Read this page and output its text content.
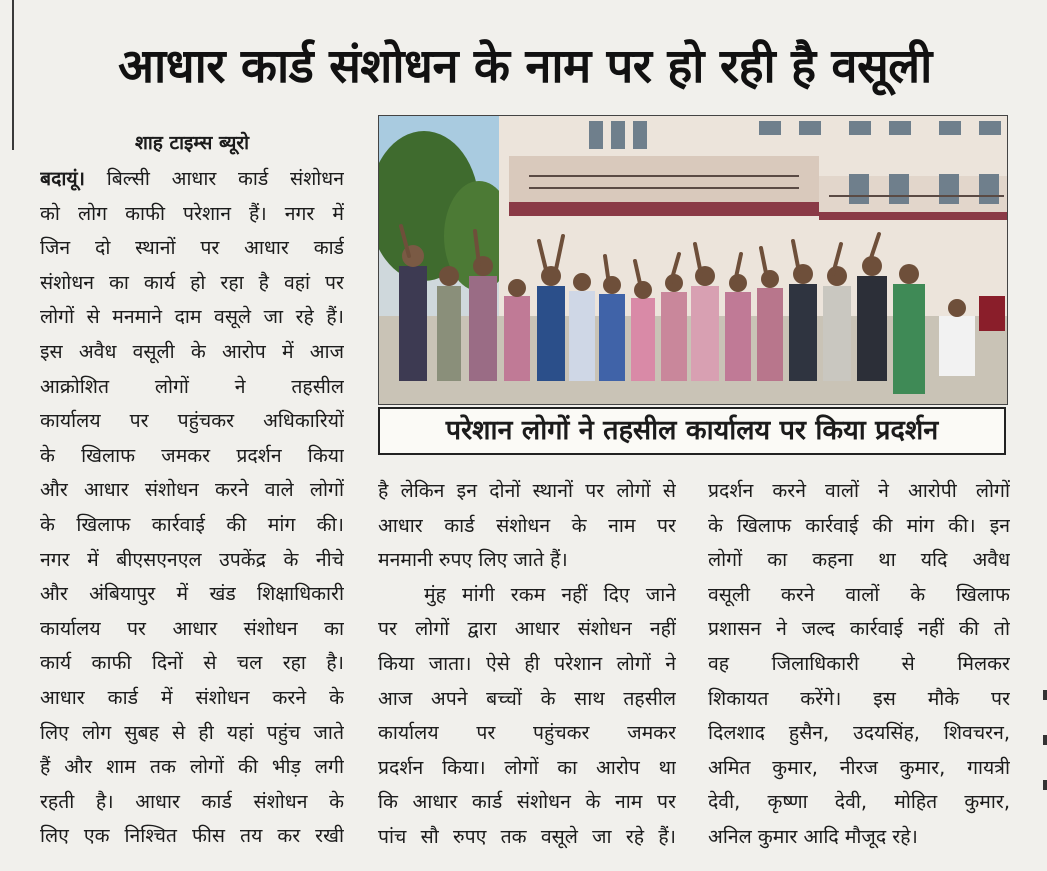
आधार कार्ड संशोधन के नाम पर हो रही है वसूली
शाह टाइम्स ब्यूरो
बदायूं। बिल्सी आधार कार्ड संशोधन
को लोग काफी परेशान हैं। नगर में
जिन दो स्थानों पर आधार कार्ड
संशोधन का कार्य हो रहा है वहां पर
लोगों से मनमाने दाम वसूले जा रहे हैं।
इस अवैध वसूली के आरोप में आज
आक्रोशित लोगों ने तहसील
कार्यालय पर पहुंचकर अधिकारियों
के खिलाफ जमकर प्रदर्शन किया
और आधार संशोधन करने वाले लोगों
के खिलाफ कार्रवाई की मांग की।
नगर में बीएसएनएल उपकेंद्र के नीचे
और अंबियापुर में खंड शिक्षाधिकारी
कार्यालय पर आधार संशोधन का
कार्य काफी दिनों से चल रहा है।
आधार कार्ड में संशोधन करने के
लिए लोग सुबह से ही यहां पहुंच जाते
हैं और शाम तक लोगों की भीड़ लगी
रहती है। आधार कार्ड संशोधन के
लिए एक निश्चित फीस तय कर रखी
परेशान लोगों ने तहसील कार्यालय पर किया प्रदर्शन
है लेकिन इन दोनों स्थानों पर लोगों से
आधार कार्ड संशोधन के नाम पर
मनमानी रुपए लिए जाते हैं।
मुंह मांगी रकम नहीं दिए जाने
पर लोगों द्वारा आधार संशोधन नहीं
किया जाता। ऐसे ही परेशान लोगों ने
आज अपने बच्चों के साथ तहसील
कार्यालय पर पहुंचकर जमकर
प्रदर्शन किया। लोगों का आरोप था
कि आधार कार्ड संशोधन के नाम पर
पांच सौ रुपए तक वसूले जा रहे हैं।
प्रदर्शन करने वालों ने आरोपी लोगों
के खिलाफ कार्रवाई की मांग की। इन
लोगों का कहना था यदि अवैध
वसूली करने वालों के खिलाफ
प्रशासन ने जल्द कार्रवाई नहीं की तो
वह जिलाधिकारी से मिलकर
शिकायत करेंगे। इस मौके पर
दिलशाद हुसैन, उदयसिंह, शिवचरन,
अमित कुमार, नीरज कुमार, गायत्री
देवी, कृष्णा देवी, मोहित कुमार,
अनिल कुमार आदि मौजूद रहे।
